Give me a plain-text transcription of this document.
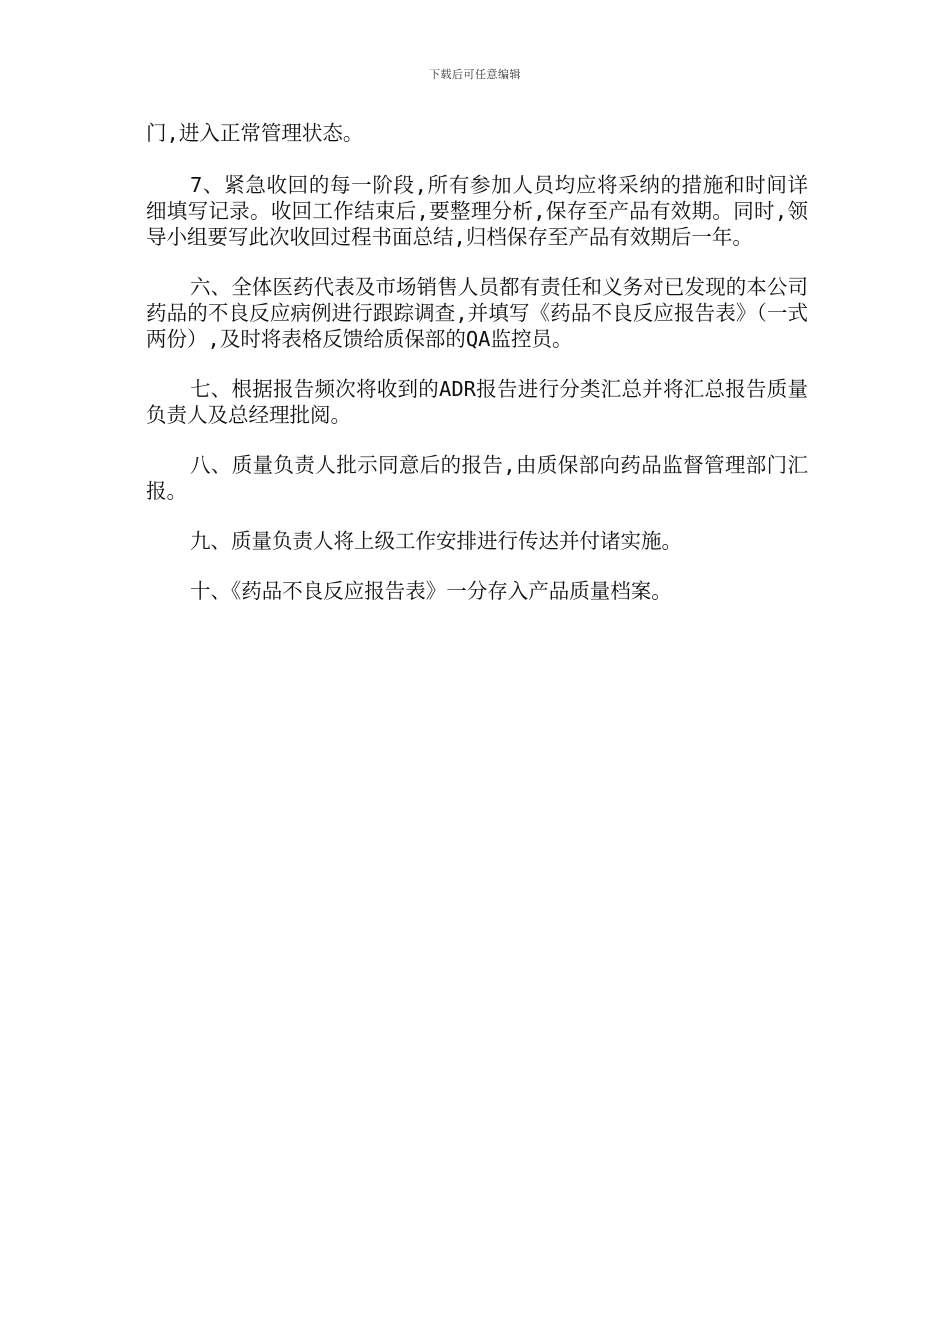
下载后可任意编辑

门,进入正常管理状态。

7、紧急收回的每一阶段,所有参加人员均应将采纳的措施和时间详细填写记录。收回工作结束后,要整理分析,保存至产品有效期。同时,领导小组要写此次收回过程书面总结,归档保存至产品有效期后一年。

六、全体医药代表及市场销售人员都有责任和义务对已发现的本公司药品的不良反应病例进行跟踪调查,并填写《药品不良反应报告表》（一式两份）,及时将表格反馈给质保部的QA监控员。

七、根据报告频次将收到的ADR报告进行分类汇总并将汇总报告质量负责人及总经理批阅。

八、质量负责人批示同意后的报告,由质保部向药品监督管理部门汇报。

九、质量负责人将上级工作安排进行传达并付诸实施。

十、《药品不良反应报告表》一分存入产品质量档案。
